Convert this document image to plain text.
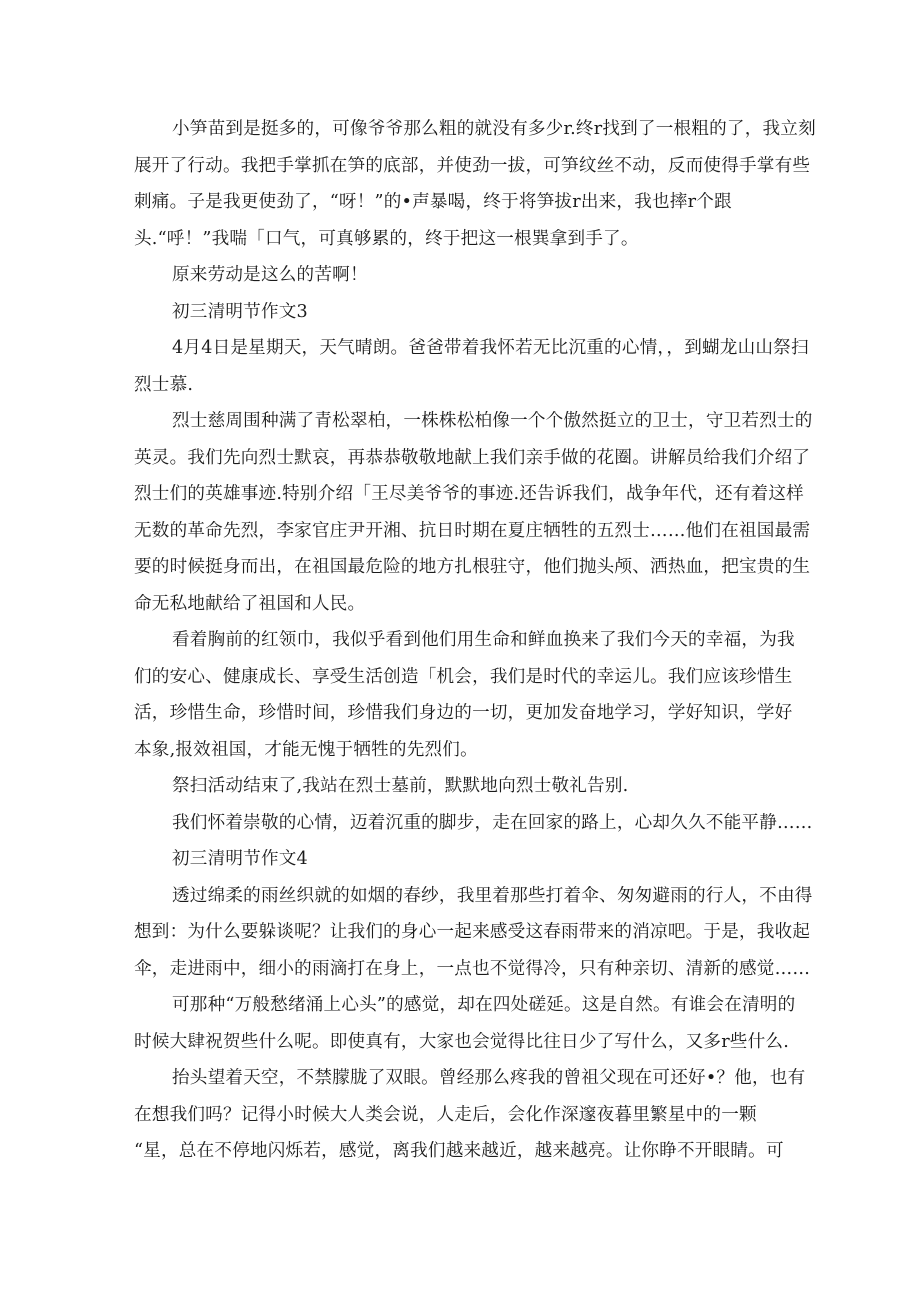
小笋苗到是挺多的，可像爷爷那么粗的就没有多少r.终r找到了一根粗的了，我立刻
展开了行动。我把手掌抓在笋的底部，并使劲一拔，可笋纹丝不动，反而使得手掌有些
刺痛。子是我更使劲了，“呀！”的•声暴喝，终于将笋拔r出来，我也摔r个跟
头.“呼！”我喘「口气，可真够累的，终于把这一根巽拿到手了。
原来劳动是这么的苦啊！
初三清明节作文3
4月4日是星期天，天气晴朗。爸爸带着我怀若无比沉重的心情，，到蝴龙山山祭扫
烈士慕.
烈士慈周围种满了青松翠柏，一株株松柏像一个个傲然挺立的卫士，守卫若烈士的
英灵。我们先向烈士默哀，再恭恭敬敬地献上我们亲手做的花圈。讲解员给我们介绍了
烈士们的英雄事迹.特别介绍「王尽美爷爷的事迹.还告诉我们，战争年代，还有着这样
无数的革命先烈，李家官庄尹开湘、抗日时期在夏庄牺牲的五烈士……他们在祖国最需
要的时候挺身而出，在祖国最危险的地方扎根驻守，他们抛头颅、洒热血，把宝贵的生
命无私地献给了祖国和人民。
看着胸前的红领巾，我似乎看到他们用生命和鲜血换来了我们今天的幸福，为我
们的安心、健康成长、享受生活创造「机会，我们是时代的幸运儿。我们应该珍惜生
活，珍惜生命，珍惜时间，珍惜我们身边的一切，更加发奋地学习，学好知识，学好
本象,报效祖国，才能无愧于牺牲的先烈们。
祭扫活动结束了,我站在烈士墓前，默默地向烈士敬礼告别.
我们怀着崇敬的心情，迈着沉重的脚步，走在回家的路上，心却久久不能平静……
初三清明节作文4
透过绵柔的雨丝织就的如烟的春纱，我里着那些打着伞、匆匆避雨的行人，不由得
想到：为什么要躲谈呢？让我们的身心一起来感受这春雨带来的消凉吧。于是，我收起
伞，走进雨中，细小的雨滴打在身上，一点也不觉得冷，只有种亲切、清新的感觉……
可那种“万般愁绪涌上心头”的感觉，却在四处磋延。这是自然。有谁会在清明的
时候大肆祝贺些什么呢。即使真有，大家也会觉得比往日少了写什么，又多r些什么.
抬头望着天空，不禁朦胧了双眼。曾经那么疼我的曾祖父现在可还好•？他，也有
在想我们吗？记得小时候大人类会说，人走后，会化作深邃夜暮里繁星中的一颗
“星，总在不停地闪烁若，感觉，离我们越来越近，越来越亮。让你睁不开眼睛。可
